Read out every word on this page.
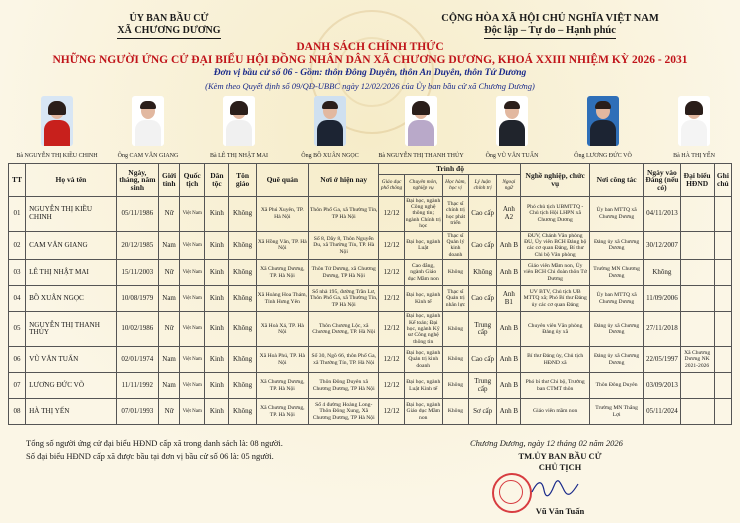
ỦY BAN BẦU CỬ
XÃ CHƯƠNG DƯƠNG
CỘNG HÒA XÃ HỘI CHỦ NGHĨA VIỆT NAM
Độc lập – Tự do – Hạnh phúc
DANH SÁCH CHÍNH THỨC
NHỮNG NGƯỜI ỨNG CỬ ĐẠI BIỂU HỘI ĐỒNG NHÂN DÂN XÃ CHƯƠNG DƯƠNG, KHOÁ XXIII NHIỆM KỲ 2026 - 2031
Đơn vị bầu cử số 06 - Gồm: thôn Đông Duyên, thôn An Duyên, thôn Tứ Dương
(Kèm theo Quyết định số 09/QĐ-UBBC ngày 12/02/2026 của Ủy ban bầu cử xã Chương Dương)
Bà NGUYỄN THỊ KIỀU CHINH	Ông CAM VĂN GIANG	Bà LÊ THỊ NHẬT MAI	Ông BỒ XUÂN NGỌC	Bà NGUYỄN THỊ THANH THỦY	Ông VŨ VĂN TUẤN	Ông LƯƠNG ĐỨC VÕ	Bà HÀ THỊ YẾN
TT	Họ và tên	Ngày, tháng, năm sinh	Giới tính	Quốc tịch	Dân tộc	Tôn giáo	Quê quán	Nơi ở hiện nay	Trình độ					Nghề nghiệp, chức vụ	Nơi công tác	Ngày vào Đảng (nếu có)	Đại biểu HĐND	Ghi chú
									Giáo dục phổ thông	Chuyên môn, nghiệp vụ	Học hàm, học vị	Lý luận chính trị	Ngoại ngữ					
01	NGUYỄN THỊ KIỀU CHINH	05/11/1986	Nữ	Việt Nam	Kinh	Không	Xã Phú Xuyên, TP. Hà Nội	Thôn Phố Ga, xã Thường Tín, TP Hà Nội	12/12	Đại học, ngành Công nghệ thông tin; ngành Chính trị học	Thạc sĩ chính trị học phát triển	Cao cấp	Anh A2	Phó chủ tịch UBMTTQ - Chủ tịch Hội LHPN xã Chương Dương	Ủy ban MTTQ xã Chương Dương	04/11/2013		
02	CAM VĂN GIANG	20/12/1985	Nam	Việt Nam	Kinh	Không	Xã Hồng Vân, TP. Hà Nội	Số 8, Dãy 8, Thôn Nguyễn Du, xã Thường Tín, TP. Hà Nội	12/12	Đại học, ngành Luật	Thạc sĩ Quản lý kinh doanh	Cao cấp	Anh B	ĐUV, Chánh Văn phòng ĐU, Ủy viên BCH Đảng bộ các cơ quan Đảng, Bí thư Chi bộ Văn phòng	Đảng ủy xã Chương Dương	30/12/2007		
03	LÊ THỊ NHẬT MAI	15/11/2003	Nữ	Việt Nam	Kinh	Không	Xã Chương Dương, TP. Hà Nội	Thôn Tứ Dương, xã Chương Dương, TP Hà Nội	12/12	Cao đẳng, ngành Giáo dục Mầm non	Không	Không	Anh B	Giáo viên Mầm non, Ủy viên BCH Chi đoàn thôn Tứ Dương	Trường MN Chương Dương	Không		
04	BỒ XUÂN NGỌC	10/08/1979	Nam	Việt Nam	Kinh	Không	Xã Hoàng Hoa Thám, Tỉnh Hưng Yên	Số nhà 195, đường Trần Lư, Thôn Phố Ga, xã Thường Tín, TP Hà Nội	12/12	Đại học, ngành Kinh tế	Thạc sĩ Quản trị nhân lực	Cao cấp	Anh B1	UV BTV, Chủ tịch UB MTTQ xã; Phó Bí thư Đảng ủy các cơ quan Đảng	Ủy ban MTTQ xã Chương Dương	11/09/2006		
05	NGUYỄN THỊ THANH THỦY	10/02/1986	Nữ	Việt Nam	Kinh	Không	Xã Hoà Xá, TP. Hà Nội	Thôn Chương Lộc, xã Chương Dương, TP. Hà Nội	12/12	Đại học, ngành Kế toán; Đại học, ngành Kỹ sư Công nghệ thông tin	Không	Trung cấp	Anh B	Chuyên viên Văn phòng Đảng ủy xã	Đảng ủy xã Chương Dương	27/11/2018		
06	VŨ VĂN TUẤN	02/01/1974	Nam	Việt Nam	Kinh	Không	Xã Hoà Phú, TP. Hà Nội	Số 30, Ngõ 66, thôn Phố Ga, xã Thường Tín, TP. Hà Nội	12/12	Đại học, ngành Quản trị kinh doanh	Không	Cao cấp	Anh B	Bí thư Đảng ủy, Chủ tịch HĐND xã	Đảng ủy xã Chương Dương	22/05/1997	Xã Chương Dương NK 2021-2026	
07	LƯƠNG ĐỨC VÕ	11/11/1992	Nam	Việt Nam	Kinh	Không	Xã Chương Dương, TP. Hà Nội	Thôn Đông Duyên xã Chương Dương, TP Hà Nội	12/12	Đại học, ngành Luật Kinh tế	Không	Trung cấp	Anh B	Phó bí thư Chi bộ, Trưởng ban CTMT thôn	Thôn Đông Duyên	03/09/2013		
08	HÀ THỊ YẾN	07/01/1993	Nữ	Việt Nam	Kinh	Không	Xã Chương Dương, TP. Hà Nội	Số 4 đường Hoàng Long-Thôn Đông Xung, Xã Chương Dương, TP Hà Nội	12/12	Đại học, ngành Giáo dục Mầm non	Không	Sơ cấp	Anh B	Giáo viên mầm non	Trường MN Thắng Lợi	05/11/2024		
Tổng số người ứng cử đại biểu HĐND cấp xã trong danh sách là: 08 người.
Số đại biểu HĐND cấp xã được bầu tại đơn vị bầu cử số 06 là: 05 người.
Chương Dương, ngày 12 tháng 02 năm 2026
TM.ỦY BAN BẦU CỬ
CHỦ TỊCH
Vũ Văn Tuấn
